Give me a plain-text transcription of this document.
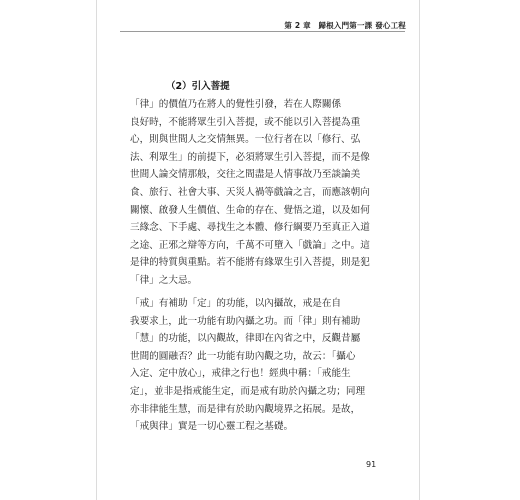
第 2 章　歸根入門第一課 發心工程
（2）引入菩提

「律」的價值乃在將人的覺性引發，若在人際關係
良好時，不能將眾生引入菩提，或不能以引入菩提為重
心，則與世間人之交情無異。一位行者在以「修行、弘
法、利眾生」的前提下，必須將眾生引入菩提，而不是像
世間人論交情那般，交往之間盡是人情事故乃至談論美
食、旅行、社會大事、天災人禍等戲論之言，而應該朝向
關懷、啟發人生價值、生命的存在、覺悟之道，以及如何
三緣念、下手處、尋找生之本體、修行綱要乃至真正入道
之途、正邪之辯等方向，千萬不可墮入「戲論」之中。這
是律的特質與重點。若不能將有緣眾生引入菩提，則是犯
「律」之大忌。

「戒」有補助「定」的功能，以內攝故，戒是在自
我要求上，此一功能有助內攝之功。而「律」則有補助
「慧」的功能，以內觀故，律即在內省之中，反觀昔屬
世間的圓融否？此一功能有助內觀之功，故云：「攝心
入定、定中放心」，戒律之行也！經典中稱：「戒能生
定」，並非是指戒能生定，而是戒有助於內攝之功；同理
亦非律能生慧，而是律有於助內觀境界之拓展。是故，
「戒與律」實是一切心靈工程之基礎。

91
